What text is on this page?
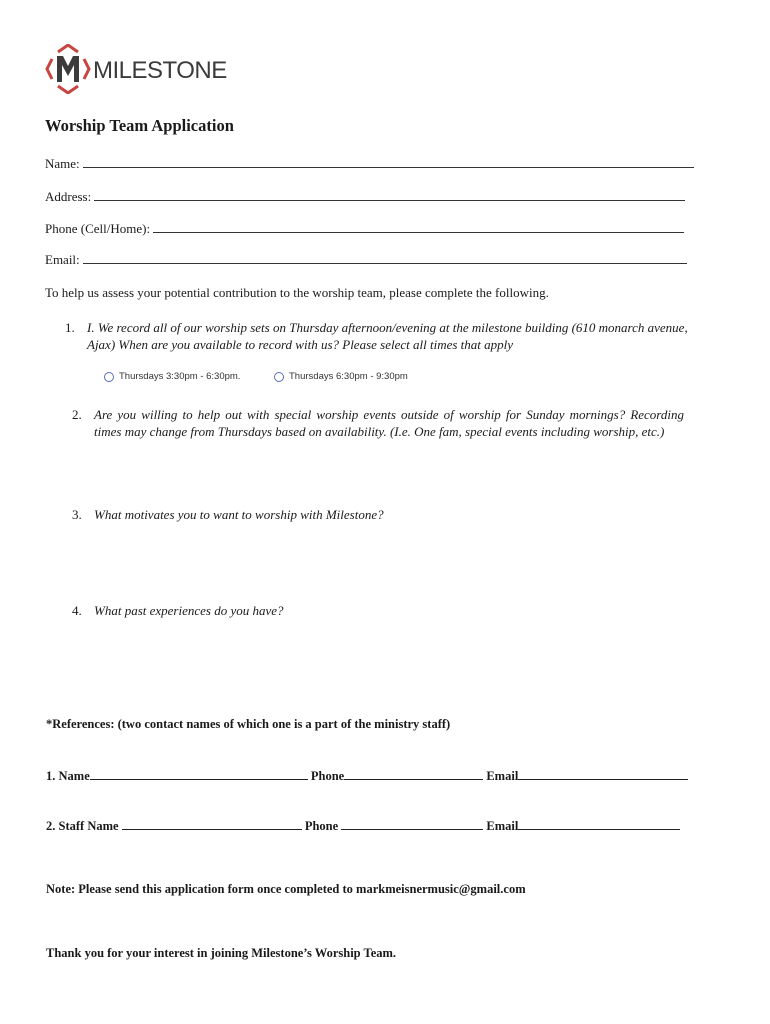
MILESTONE
Worship Team Application
Name:
Address:
Phone (Cell/Home):
Email:
To help us assess your potential contribution to the worship team, please complete the following.
1. I. We record all of our worship sets on Thursday afternoon/evening at the milestone building (610 monarch avenue, Ajax) When are you available to record with us? Please select all times that apply
Thursdays 3:30pm - 6:30pm.	Thursdays 6:30pm - 9:30pm
2. Are you willing to help out with special worship events outside of worship for Sunday mornings? Recording times may change from Thursdays based on availability. (I.e. One fam, special events including worship, etc.)
3. What motivates you to want to worship with Milestone?
4. What past experiences do you have?
*References: (two contact names of which one is a part of the ministry staff)
1. Name	Phone	Email
2. Staff Name	Phone	Email
Note: Please send this application form once completed to markmeisnermusic@gmail.com
Thank you for your interest in joining Milestone’s Worship Team.
